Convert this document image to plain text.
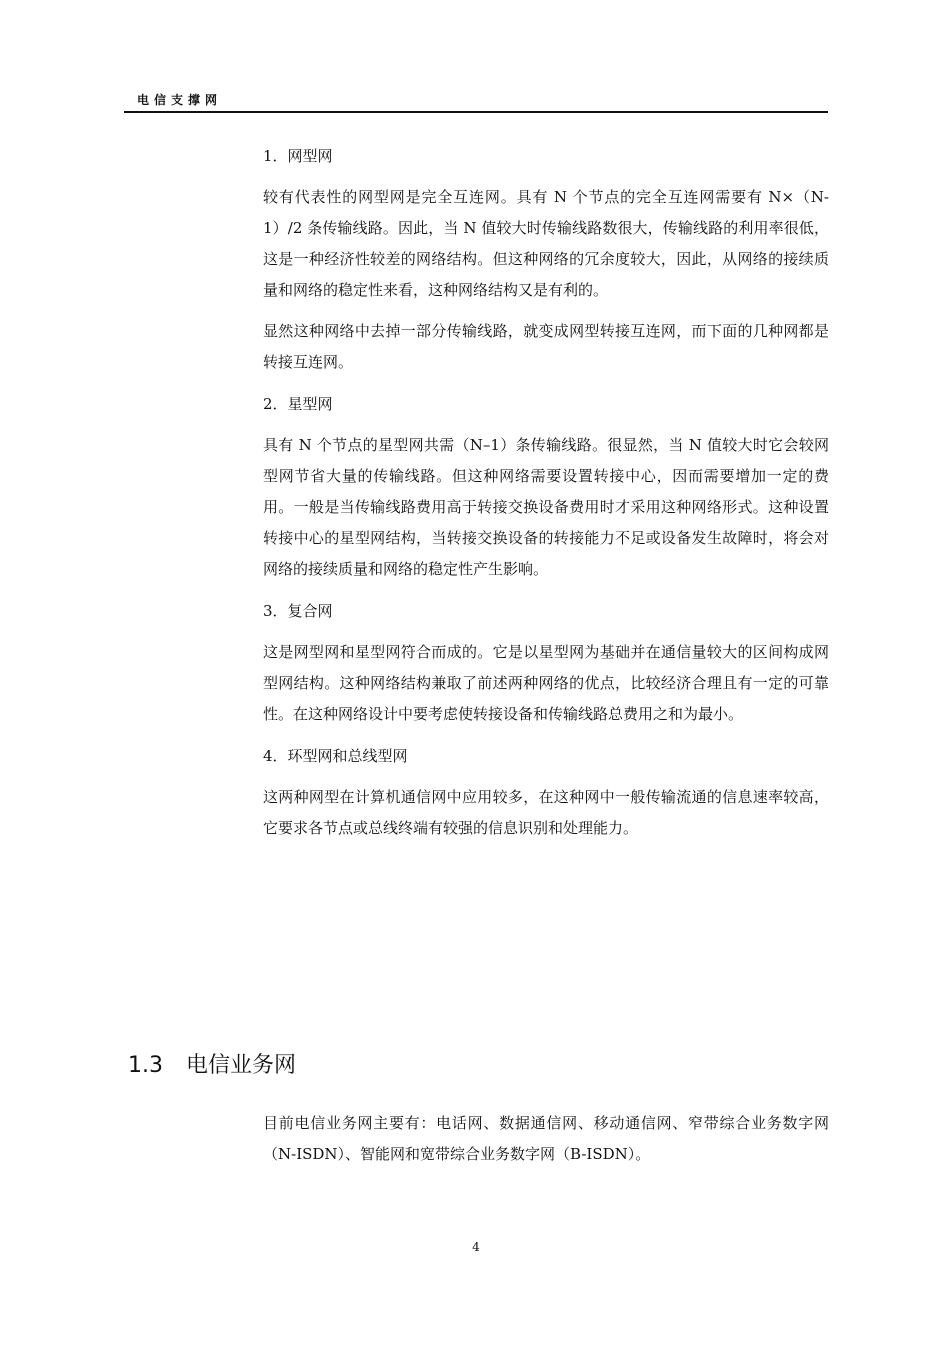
电信支撑网

1．网型网

较有代表性的网型网是完全互连网。具有 N 个节点的完全互连网需要有 N×（N-1）/2 条传输线路。因此，当 N 值较大时传输线路数很大，传输线路的利用率很低，这是一种经济性较差的网络结构。但这种网络的冗余度较大，因此，从网络的接续质量和网络的稳定性来看，这种网络结构又是有利的。

显然这种网络中去掉一部分传输线路，就变成网型转接互连网，而下面的几种网都是转接互连网。

2．星型网

具有 N 个节点的星型网共需（N–1）条传输线路。很显然，当 N 值较大时它会较网型网节省大量的传输线路。但这种网络需要设置转接中心，因而需要增加一定的费用。一般是当传输线路费用高于转接交换设备费用时才采用这种网络形式。这种设置转接中心的星型网结构，当转接交换设备的转接能力不足或设备发生故障时，将会对网络的接续质量和网络的稳定性产生影响。

3．复合网

这是网型网和星型网符合而成的。它是以星型网为基础并在通信量较大的区间构成网型网结构。这种网络结构兼取了前述两种网络的优点，比较经济合理且有一定的可靠性。在这种网络设计中要考虑使转接设备和传输线路总费用之和为最小。

4．环型网和总线型网

这两种网型在计算机通信网中应用较多，在这种网中一般传输流通的信息速率较高，它要求各节点或总线终端有较强的信息识别和处理能力。

1.3 电信业务网

目前电信业务网主要有：电话网、数据通信网、移动通信网、窄带综合业务数字网（N-ISDN）、智能网和宽带综合业务数字网（B-ISDN）。

4
